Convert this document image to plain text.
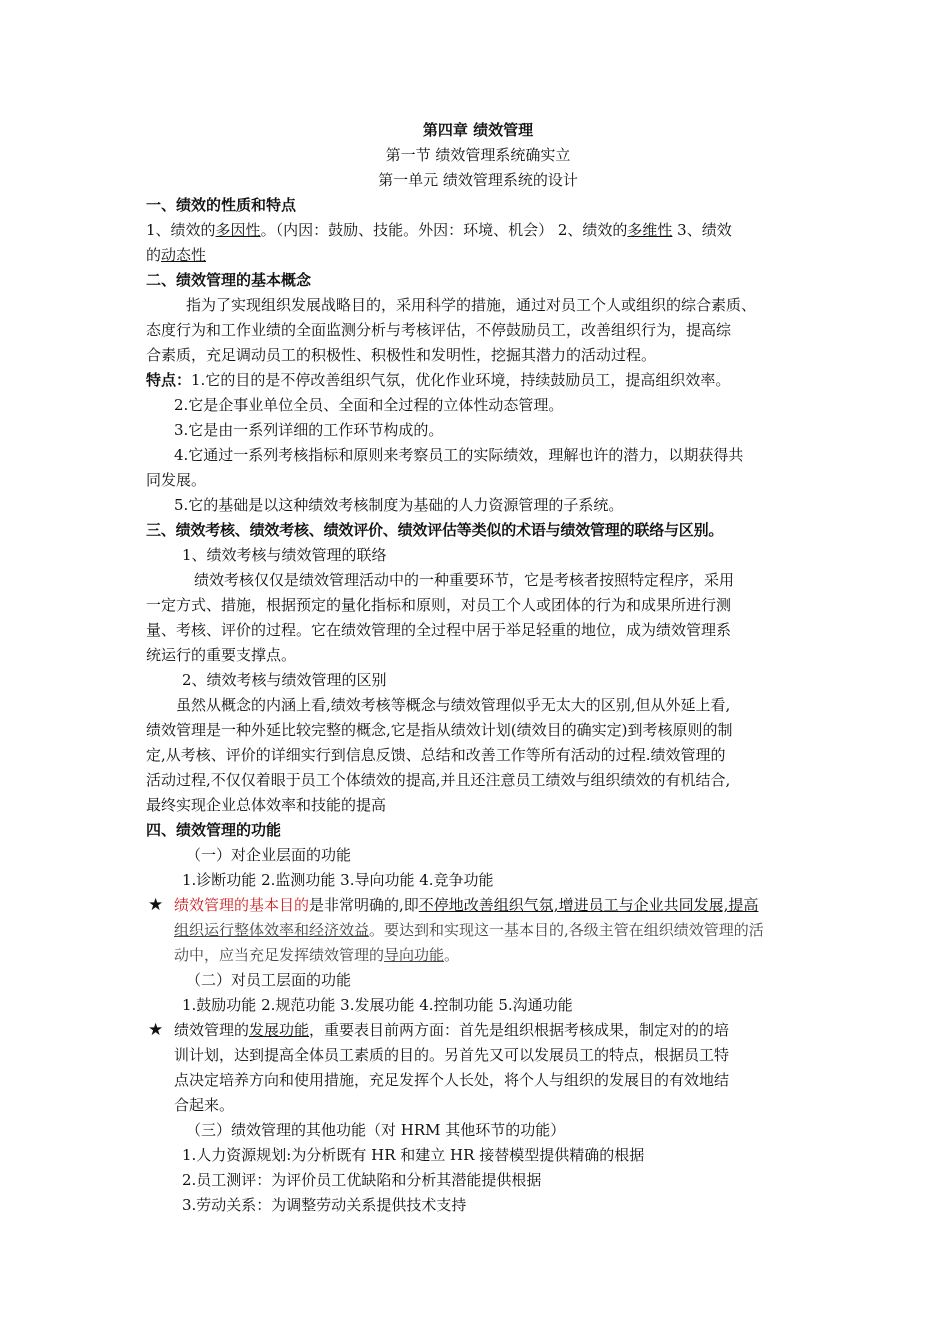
第四章 绩效管理
第一节 绩效管理系统确实立
第一单元 绩效管理系统的设计
一、绩效的性质和特点
1、绩效的多因性。（内因：鼓励、技能。外因：环境、机会） 2、绩效的多维性 3、绩效
的动态性
二、绩效管理的基本概念
指为了实现组织发展战略目的，采用科学的措施，通过对员工个人或组织的综合素质、
态度行为和工作业绩的全面监测分析与考核评估，不停鼓励员工，改善组织行为，提高综
合素质，充足调动员工的积极性、积极性和发明性，挖掘其潜力的活动过程。
特点：1.它的目的是不停改善组织气氛，优化作业环境，持续鼓励员工，提高组织效率。
2.它是企事业单位全员、全面和全过程的立体性动态管理。
3.它是由一系列详细的工作环节构成的。
4.它通过一系列考核指标和原则来考察员工的实际绩效，理解也许的潜力，以期获得共
同发展。
5.它的基础是以这种绩效考核制度为基础的人力资源管理的子系统。
三、绩效考核、绩效考核、绩效评价、绩效评估等类似的术语与绩效管理的联络与区别。
1、绩效考核与绩效管理的联络
绩效考核仅仅是绩效管理活动中的一种重要环节，它是考核者按照特定程序，采用
一定方式、措施，根据预定的量化指标和原则，对员工个人或团体的行为和成果所进行测
量、考核、评价的过程。它在绩效管理的全过程中居于举足轻重的地位，成为绩效管理系
统运行的重要支撑点。
2、绩效考核与绩效管理的区别
虽然从概念的内涵上看,绩效考核等概念与绩效管理似乎无太大的区别,但从外延上看,
绩效管理是一种外延比较完整的概念,它是指从绩效计划(绩效目的确实定)到考核原则的制
定,从考核、评价的详细实行到信息反馈、总结和改善工作等所有活动的过程.绩效管理的
活动过程,不仅仅着眼于员工个体绩效的提高,并且还注意员工绩效与组织绩效的有机结合,
最终实现企业总体效率和技能的提高
四、绩效管理的功能
（一）对企业层面的功能
1.诊断功能 2.监测功能 3.导向功能 4.竞争功能
★ 绩效管理的基本目的是非常明确的,即不停地改善组织气氛,增进员工与企业共同发展,提高
组织运行整体效率和经济效益。要达到和实现这一基本目的,各级主管在组织绩效管理的活
动中，应当充足发挥绩效管理的导向功能。
（二）对员工层面的功能
1.鼓励功能 2.规范功能 3.发展功能 4.控制功能 5.沟通功能
★ 绩效管理的发展功能，重要表目前两方面：首先是组织根据考核成果，制定对的的培
训计划，达到提高全体员工素质的目的。另首先又可以发展员工的特点，根据员工特
点决定培养方向和使用措施，充足发挥个人长处，将个人与组织的发展目的有效地结
合起来。
（三）绩效管理的其他功能（对 HRM 其他环节的功能）
1.人力资源规划:为分析既有 HR 和建立 HR 接替模型提供精确的根据
2.员工测评：为评价员工优缺陷和分析其潜能提供根据
3.劳动关系：为调整劳动关系提供技术支持
